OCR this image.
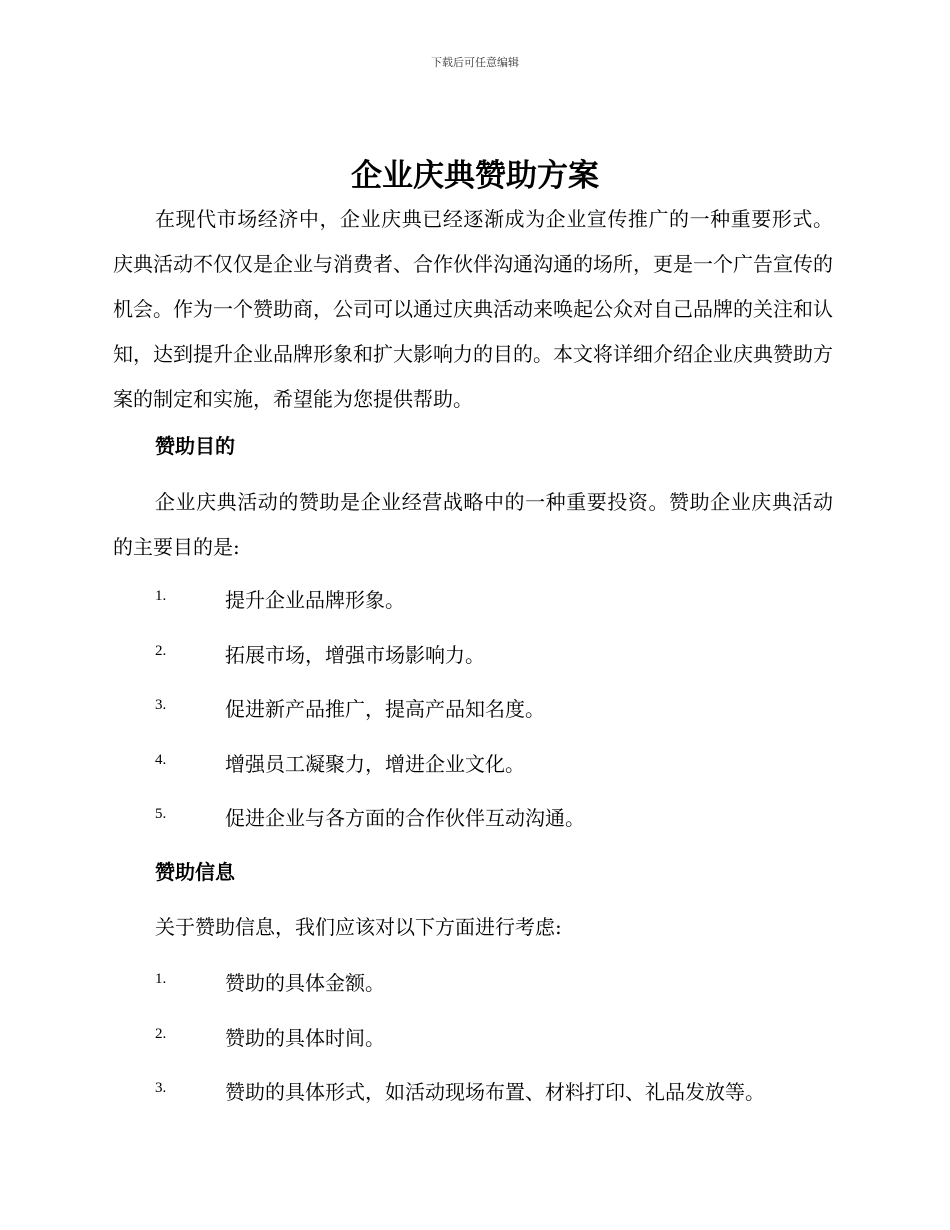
下载后可任意编辑
企业庆典赞助方案
在现代市场经济中，企业庆典已经逐渐成为企业宣传推广的一种重要形式。庆典活动不仅仅是企业与消费者、合作伙伴沟通沟通的场所，更是一个广告宣传的机会。作为一个赞助商，公司可以通过庆典活动来唤起公众对自己品牌的关注和认知，达到提升企业品牌形象和扩大影响力的目的。本文将详细介绍企业庆典赞助方案的制定和实施，希望能为您提供帮助。
赞助目的
企业庆典活动的赞助是企业经营战略中的一种重要投资。赞助企业庆典活动的主要目的是:
1.	提升企业品牌形象。
2.	拓展市场，增强市场影响力。
3.	促进新产品推广，提高产品知名度。
4.	增强员工凝聚力，增进企业文化。
5.	促进企业与各方面的合作伙伴互动沟通。
赞助信息
关于赞助信息，我们应该对以下方面进行考虑:
1.	赞助的具体金额。
2.	赞助的具体时间。
3.	赞助的具体形式，如活动现场布置、材料打印、礼品发放等。
